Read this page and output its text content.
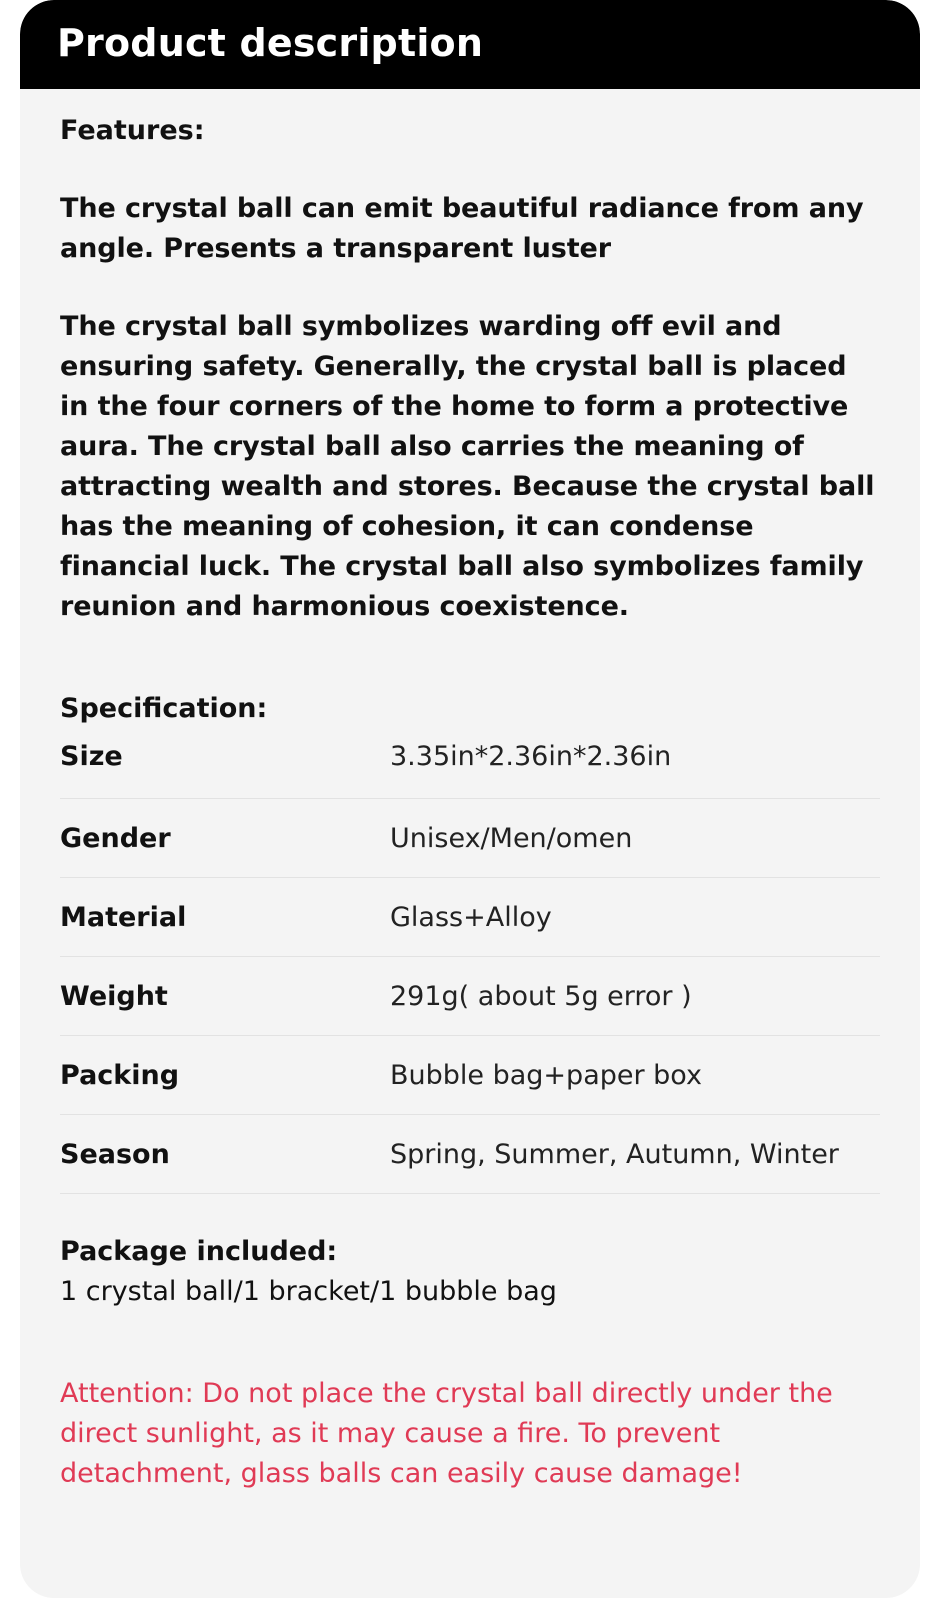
Product description

Features:

The crystal ball can emit beautiful radiance from any angle. Presents a transparent luster

The crystal ball symbolizes warding off evil and ensuring safety. Generally, the crystal ball is placed in the four corners of the home to form a protective aura. The crystal ball also carries the meaning of attracting wealth and stores. Because the crystal ball has the meaning of cohesion, it can condense financial luck. The crystal ball also symbolizes family reunion and harmonious coexistence.

Specification:

Size	3.35in*2.36in*2.36in
Gender	Unisex/Men/omen
Material	Glass+Alloy
Weight	291g( about 5g error )
Packing	Bubble bag+paper box
Season	Spring, Summer, Autumn, Winter
Package included:
1 crystal ball/1 bracket/1 bubble bag
Attention: Do not place the crystal ball directly under the direct sunlight, as it may cause a fire. To prevent detachment, glass balls can easily cause damage!
